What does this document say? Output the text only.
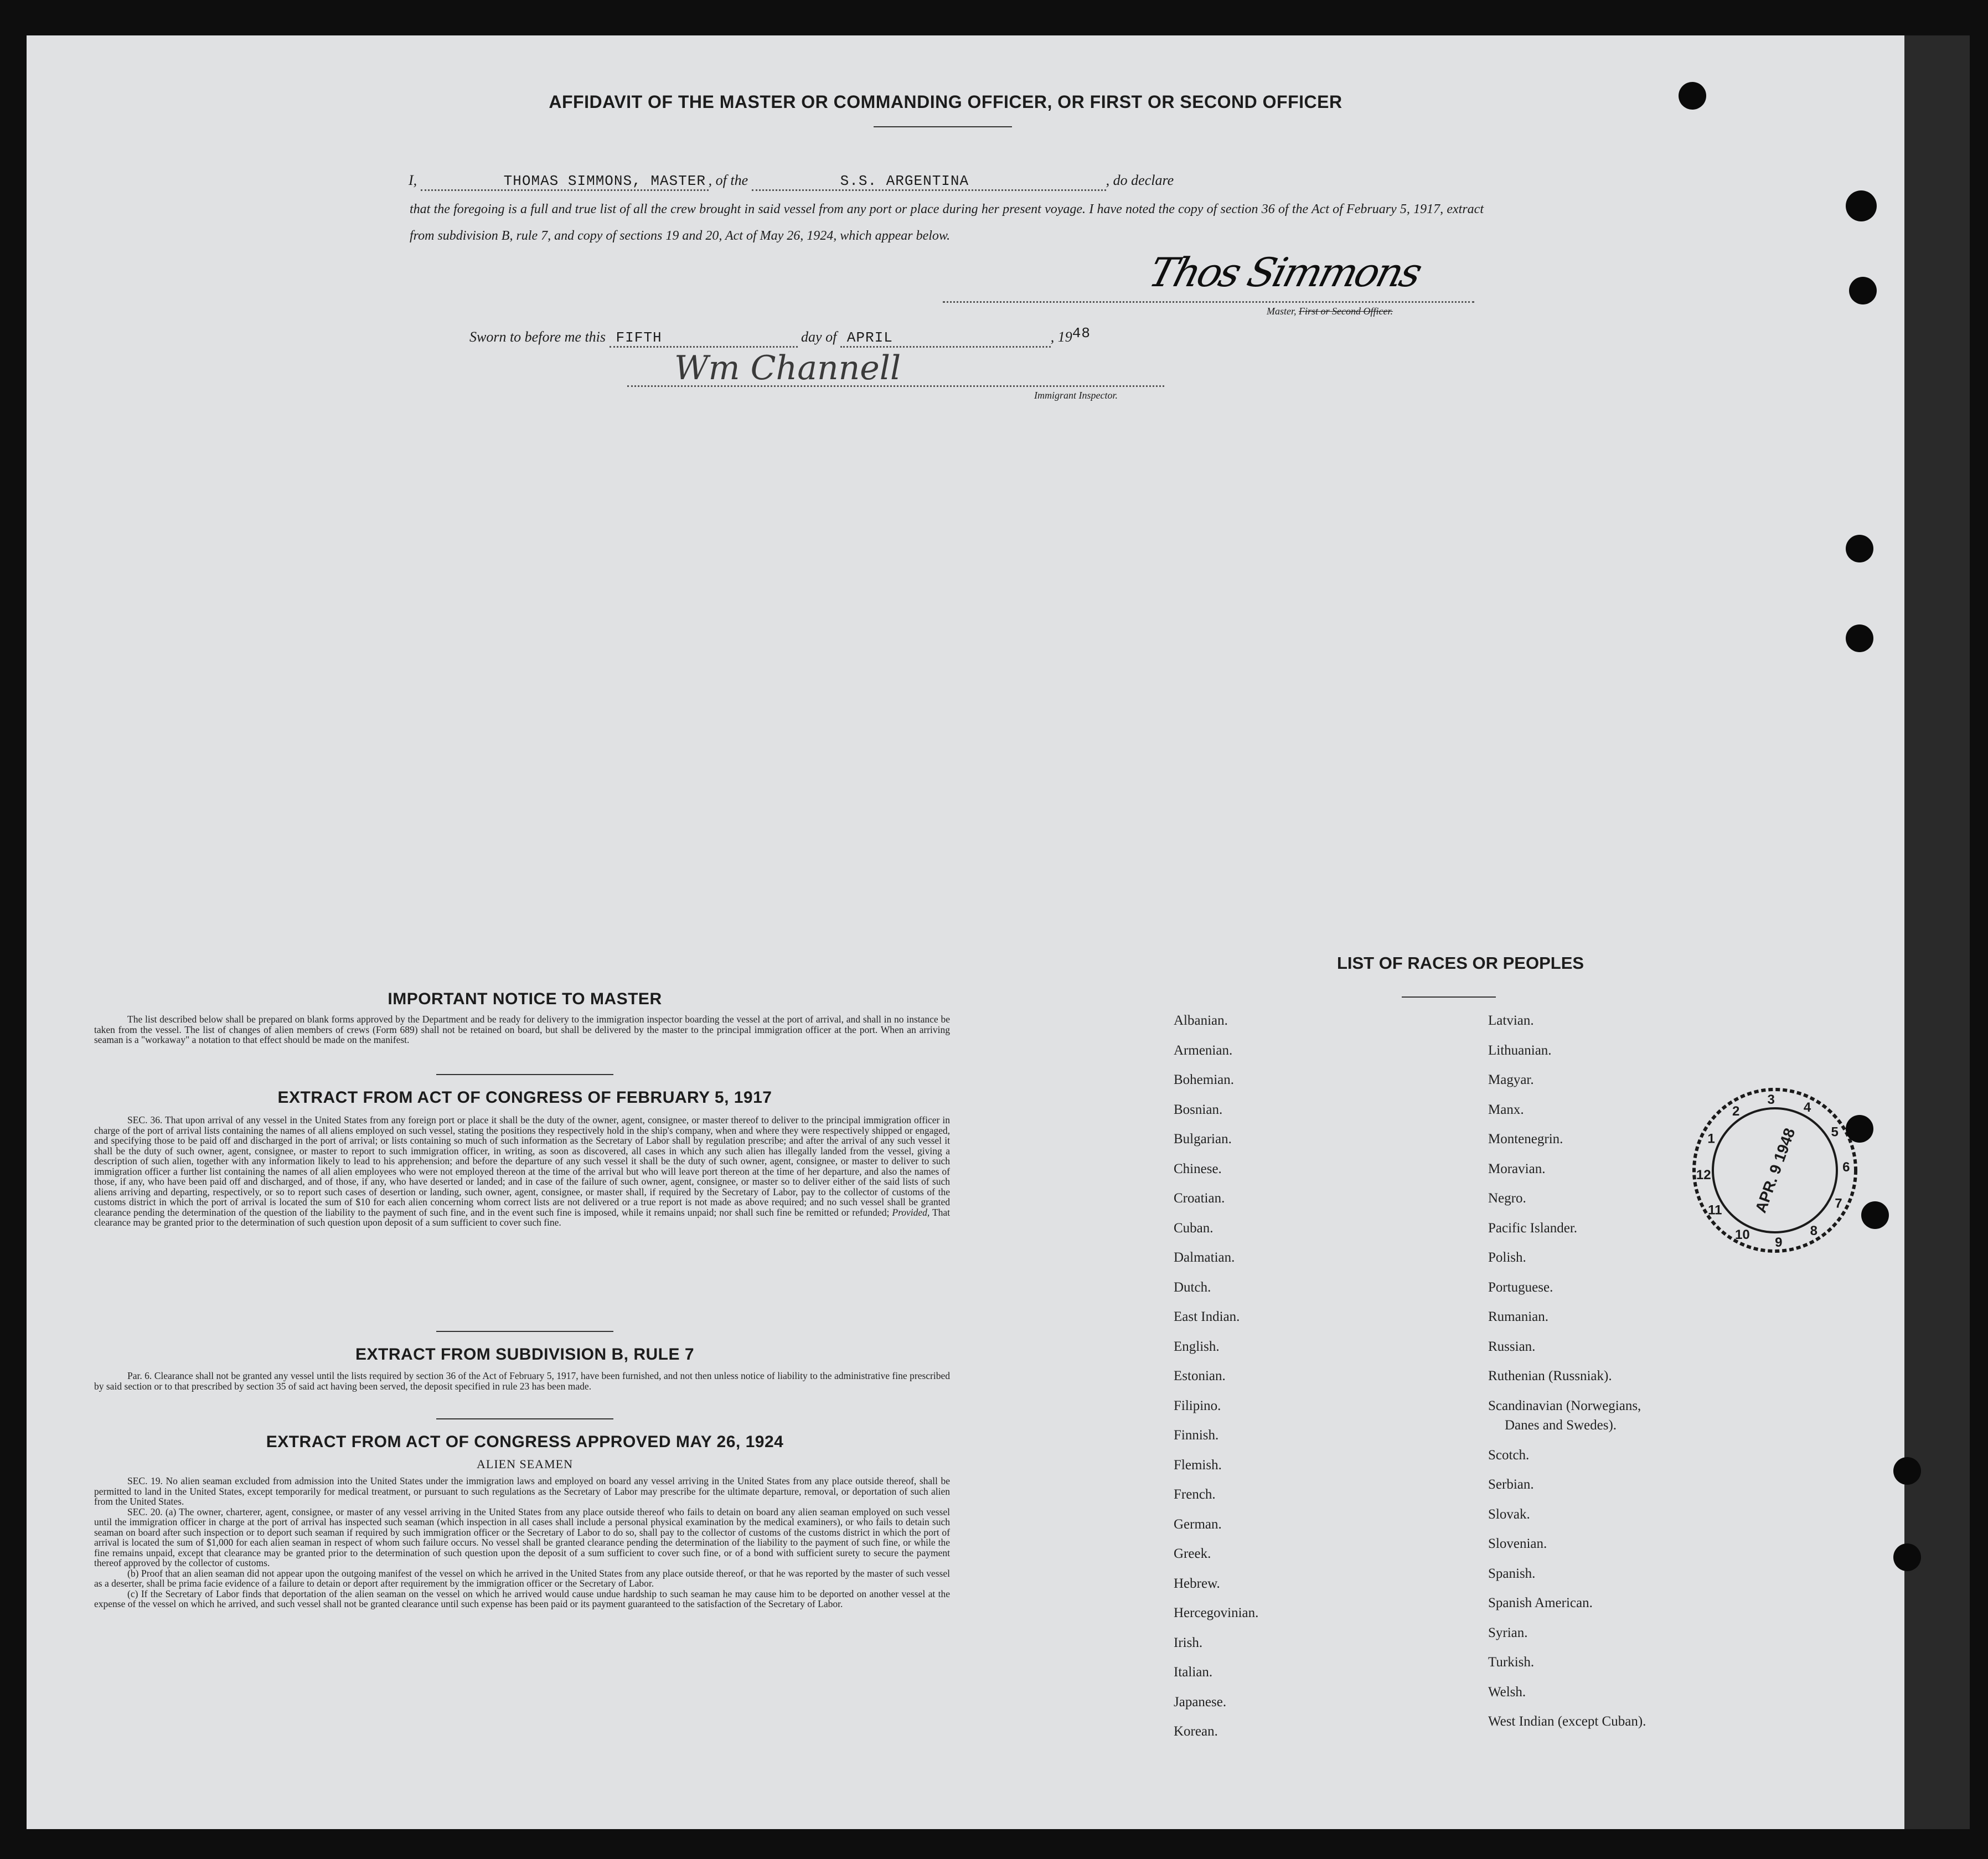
AFFIDAVIT OF THE MASTER OR COMMANDING OFFICER, OR FIRST OR SECOND OFFICER
I,	THOMAS SIMMONS, MASTER , of the	S.S. ARGENTINA	, do declare
that the foregoing is a full and true list of all the crew brought in said vessel from any port or place during her present voyage. I have noted the copy of section 36 of the Act of February 5, 1917, extract from subdivision B, rule 7, and copy of sections 19 and 20, Act of May 26, 1924, which appear below.
Thos Simmons
Master, First or Second Officer.
Sworn to before me this FIFTH	day of APRIL	, 1948
Wm Channell
Immigrant Inspector.
IMPORTANT NOTICE TO MASTER

The list described below shall be prepared on blank forms approved by the Department and be ready for delivery to the immigration inspector boarding the vessel at the port of arrival, and shall in no instance be taken from the vessel. The list of changes of alien members of crews (Form 689) shall not be retained on board, but shall be delivered by the master to the principal immigration officer at the port. When an arriving seaman is a "workaway" a notation to that effect should be made on the manifest.

EXTRACT FROM ACT OF CONGRESS OF FEBRUARY 5, 1917

SEC. 36. That upon arrival of any vessel in the United States from any foreign port or place it shall be the duty of the owner, agent, consignee, or master thereof to deliver to the principal immigration officer in charge of the port of arrival lists containing the names of all aliens employed on such vessel, stating the positions they respectively hold in the ship's company, when and where they were respectively shipped or engaged, and specifying those to be paid off and discharged in the port of arrival; or lists containing so much of such information as the Secretary of Labor shall by regulation prescribe; and after the arrival of any such vessel it shall be the duty of such owner, agent, consignee, or master to report to such immigration officer, in writing, as soon as discovered, all cases in which any such alien has illegally landed from the vessel, giving a description of such alien, together with any information likely to lead to his apprehension; and before the departure of any such vessel it shall be the duty of such owner, agent, consignee, or master to deliver to such immigration officer a further list containing the names of all alien employees who were not employed thereon at the time of the arrival but who will leave port thereon at the time of her departure, and also the names of those, if any, who have been paid off and discharged, and of those, if any, who have deserted or landed; and in case of the failure of such owner, agent, consignee, or master so to deliver either of the said lists of such aliens arriving and departing, respectively, or so to report such cases of desertion or landing, such owner, agent, consignee, or master shall, if required by the Secretary of Labor, pay to the collector of customs of the customs district in which the port of arrival is located the sum of $10 for each alien concerning whom correct lists are not delivered or a true report is not made as above required; and no such vessel shall be granted clearance pending the determination of the question of the liability to the payment of such fine, and in the event such fine is imposed, while it remains unpaid; nor shall such fine be remitted or refunded; Provided, That clearance may be granted prior to the determination of such question upon deposit of a sum sufficient to cover such fine.

EXTRACT FROM SUBDIVISION B, RULE 7

Par. 6. Clearance shall not be granted any vessel until the lists required by section 36 of the Act of February 5, 1917, have been furnished, and not then unless notice of liability to the administrative fine prescribed by said section or to that prescribed by section 35 of said act having been served, the deposit specified in rule 23 has been made.

EXTRACT FROM ACT OF CONGRESS APPROVED MAY 26, 1924
ALIEN SEAMEN

SEC. 19. No alien seaman excluded from admission into the United States under the immigration laws and employed on board any vessel arriving in the United States from any place outside thereof, shall be permitted to land in the United States, except temporarily for medical treatment, or pursuant to such regulations as the Secretary of Labor may prescribe for the ultimate departure, removal, or deportation of such alien from the United States.

SEC. 20. (a) The owner, charterer, agent, consignee, or master of any vessel arriving in the United States from any place outside thereof who fails to detain on board any alien seaman employed on such vessel until the immigration officer in charge at the port of arrival has inspected such seaman (which inspection in all cases shall include a personal physical examination by the medical examiners), or who fails to detain such seaman on board after such inspection or to deport such seaman if required by such immigration officer or the Secretary of Labor to do so, shall pay to the collector of customs of the customs district in which the port of arrival is located the sum of $1,000 for each alien seaman in respect of whom such failure occurs. No vessel shall be granted clearance pending the determination of the liability to the payment of such fine, or while the fine remains unpaid, except that clearance may be granted prior to the determination of such question upon the deposit of a sum sufficient to cover such fine, or of a bond with sufficient surety to secure the payment thereof approved by the collector of customs.

(b) Proof that an alien seaman did not appear upon the outgoing manifest of the vessel on which he arrived in the United States from any place outside thereof, or that he was reported by the master of such vessel as a deserter, shall be prima facie evidence of a failure to detain or deport after requirement by the immigration officer or the Secretary of Labor.

(c) If the Secretary of Labor finds that deportation of the alien seaman on the vessel on which he arrived would cause undue hardship to such seaman he may cause him to be deported on another vessel at the expense of the vessel on which he arrived, and such vessel shall not be granted clearance until such expense has been paid or its payment guaranteed to the satisfaction of the Secretary of Labor.

LIST OF RACES OR PEOPLES
Albanian.
Armenian.
Bohemian.
Bosnian.
Bulgarian.
Chinese.
Croatian.
Cuban.
Dalmatian.
Dutch.
East Indian.
English.
Estonian.
Filipino.
Finnish.
Flemish.
French.
German.
Greek.
Hebrew.
Hercegovinian.
Irish.
Italian.
Japanese.
Korean.
Latvian.
Lithuanian.
Magyar.
Manx.
Montenegrin.
Moravian.
Negro.
Pacific Islander.
Polish.
Portuguese.
Rumanian.
Russian.
Ruthenian (Russniak).
Scandinavian (Norwegians,
Danes and Swedes).
Scotch.
Serbian.
Slovak.
Slovenian.
Spanish.
Spanish American.
Syrian.
Turkish.
Welsh.
West Indian (except Cuban).
1
2
3
4
5
6
7
8
9
10
11
12	APR. 9 1948
